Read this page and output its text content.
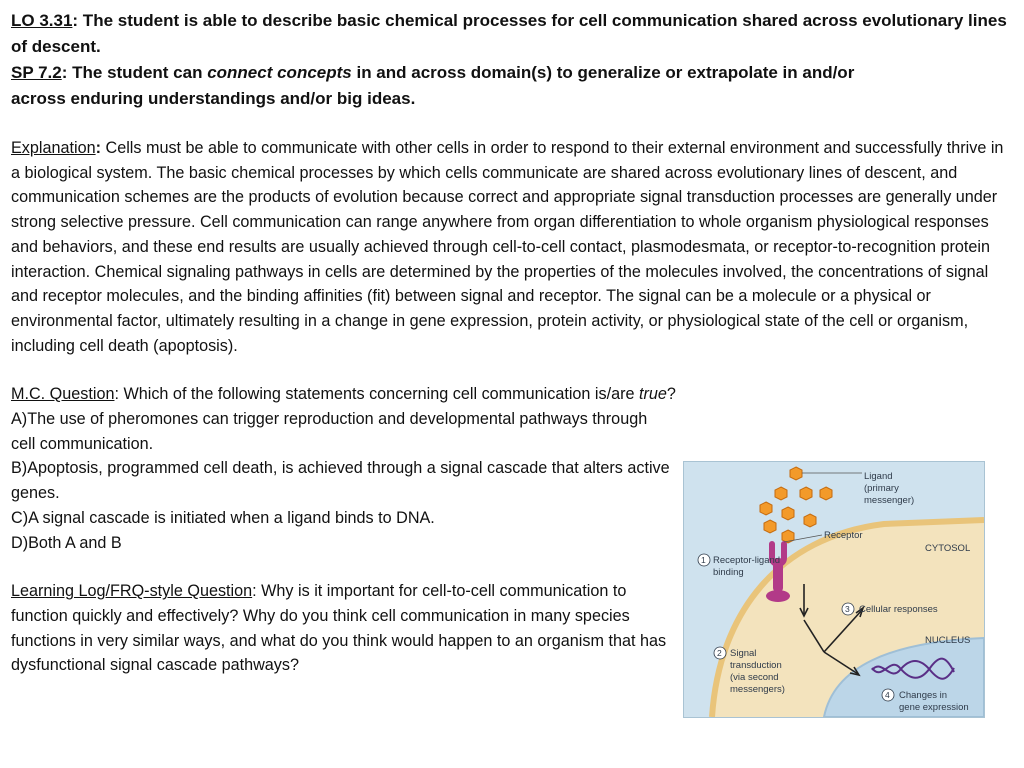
LO 3.31: The student is able to describe basic chemical processes for cell communication shared across evolutionary lines of descent.
SP 7.2: The student can connect concepts in and across domain(s) to generalize or extrapolate in and/or across enduring understandings and/or big ideas.
Explanation: Cells must be able to communicate with other cells in order to respond to their external environment and successfully thrive in a biological system. The basic chemical processes by which cells communicate are shared across evolutionary lines of descent, and communication schemes are the products of evolution because correct and appropriate signal transduction processes are generally under strong selective pressure. Cell communication can range anywhere from organ differentiation to whole organism physiological responses and behaviors, and these end results are usually achieved through cell-to-cell contact, plasmodesmata, or receptor-to-recognition protein interaction. Chemical signaling pathways in cells are determined by the properties of the molecules involved, the concentrations of signal and receptor molecules, and the binding affinities (fit) between signal and receptor. The signal can be a molecule or a physical or environmental factor, ultimately resulting in a change in gene expression, protein activity, or physiological state of the cell or organism, including cell death (apoptosis).
M.C. Question: Which of the following statements concerning cell communication is/are true?
A)The use of pheromones can trigger reproduction and developmental pathways through cell communication.
B)Apoptosis, programmed cell death, is achieved through a signal cascade that alters active genes.
C)A signal cascade is initiated when a ligand binds to DNA.
D)Both A and B
Learning Log/FRQ-style Question: Why is it important for cell-to-cell communication to function quickly and effectively? Why do you think cell communication in many species functions in very similar ways, and what do you think would happen to an organism that has dysfunctional signal cascade pathways?
Ligand
(primary
messenger)
Receptor
CYTOSOL
NUCLEUS
1 Receptor-ligand
binding
2 Signal
transduction
(via second
messengers)
3 Cellular responses
4 Changes in
gene expression
